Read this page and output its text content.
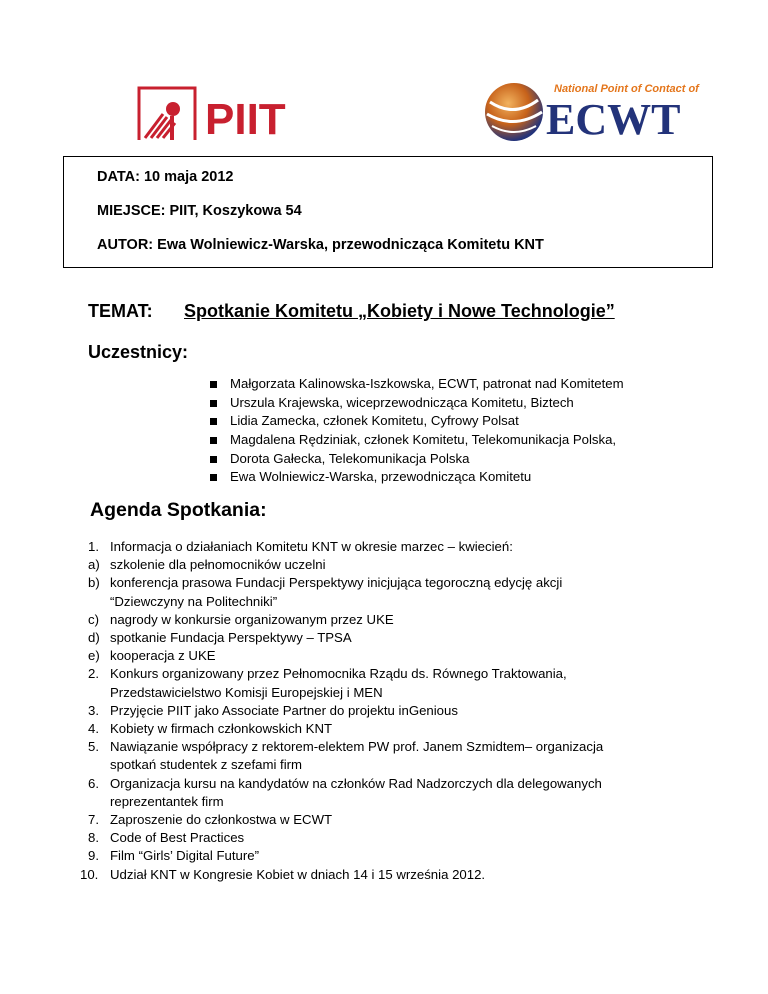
PIIT
National Point of Contact of
ECWT
DATA: 10 maja 2012
MIEJSCE: PIIT, Koszykowa 54
AUTOR: Ewa Wolniewicz-Warska, przewodnicząca Komitetu KNT
TEMAT: Spotkanie Komitetu „Kobiety i Nowe Technologie”
Uczestnicy:
Małgorzata Kalinowska-Iszkowska, ECWT, patronat nad Komitetem
Urszula Krajewska, wiceprzewodnicząca Komitetu, Biztech
Lidia Zamecka, członek Komitetu, Cyfrowy Polsat
Magdalena Rędziniak, członek Komitetu, Telekomunikacja Polska,
Dorota Gałecka, Telekomunikacja Polska
Ewa Wolniewicz-Warska, przewodnicząca Komitetu
Agenda Spotkania:
1. Informacja o działaniach Komitetu KNT w okresie marzec – kwiecień:
a) szkolenie dla pełnomocników uczelni
b) konferencja prasowa Fundacji Perspektywy inicjująca tegoroczną edycję akcji
“Dziewczyny na Politechniki”
c) nagrody w konkursie organizowanym przez UKE
d) spotkanie Fundacja Perspektywy – TPSA
e) kooperacja z UKE
2. Konkurs organizowany przez Pełnomocnika Rządu ds. Równego Traktowania,
Przedstawicielstwo Komisji Europejskiej i MEN
3. Przyjęcie PIIT jako Associate Partner do projektu inGenious
4. Kobiety w firmach członkowskich KNT
5. Nawiązanie współpracy z rektorem-elektem PW prof. Janem Szmidtem– organizacja
spotkań studentek z szefami firm
6. Organizacja kursu na kandydatów na członków Rad Nadzorczych dla delegowanych
reprezentantek firm
7. Zaproszenie do członkostwa w ECWT
8. Code of Best Practices
9. Film “Girls’ Digital Future”
10. Udział KNT w Kongresie Kobiet w dniach 14 i 15 września 2012.
